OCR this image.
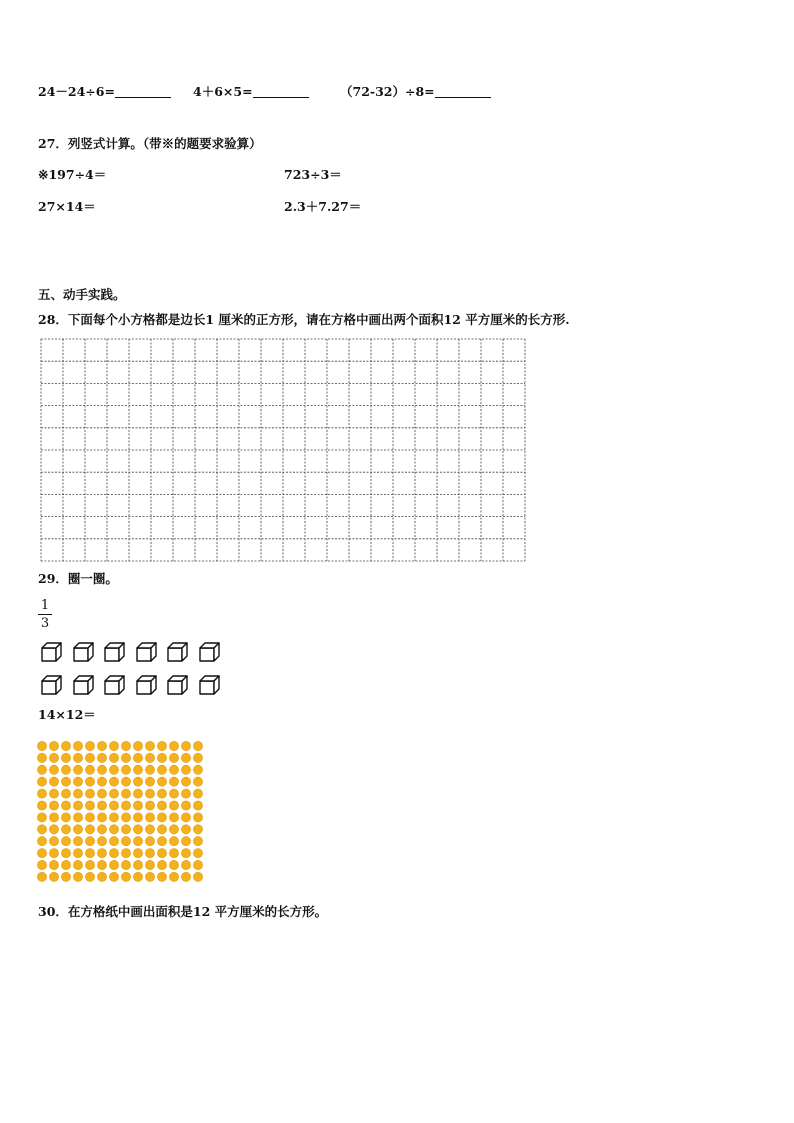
24－24÷6=	4＋6×5=	（72-32）÷8=
27．列竖式计算。（带※的题要求验算）
※197÷4＝	723÷3＝
27×14＝	2.3＋7.27＝
五、动手实践。
28．下面每个小方格都是边长1 厘米的正方形，请在方格中画出两个面积12 平方厘米的长方形.
29．圈一圈。
1
3
14×12＝
30．在方格纸中画出面积是12 平方厘米的长方形。
